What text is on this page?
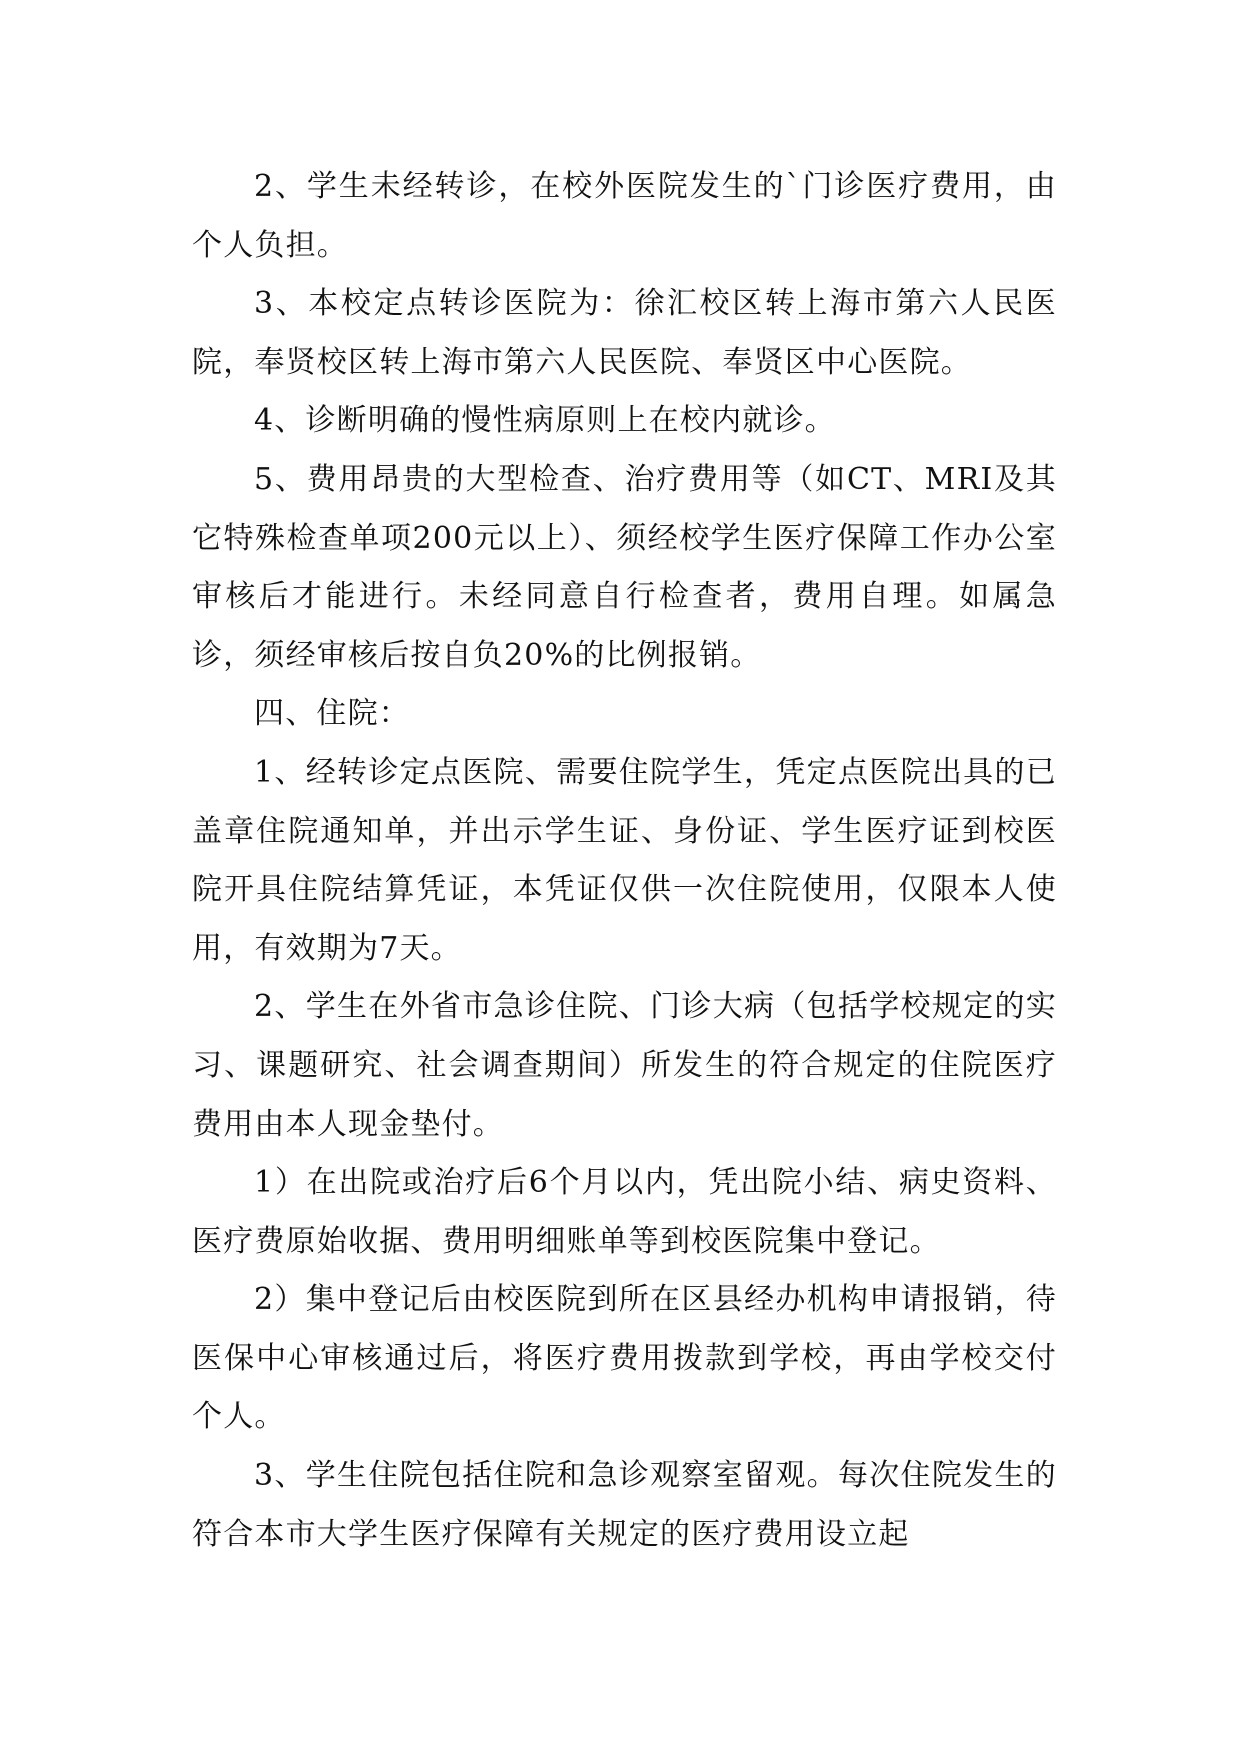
2、学生未经转诊，在校外医院发生的`门诊医疗费用，由个人负担。

3、本校定点转诊医院为：徐汇校区转上海市第六人民医院，奉贤校区转上海市第六人民医院、奉贤区中心医院。

4、诊断明确的慢性病原则上在校内就诊。

5、费用昂贵的大型检查、治疗费用等（如CT、MRI及其它特殊检查单项200元以上）、须经校学生医疗保障工作办公室审核后才能进行。未经同意自行检查者，费用自理。如属急诊，须经审核后按自负20%的比例报销。

四、住院：

1、经转诊定点医院、需要住院学生，凭定点医院出具的已盖章住院通知单，并出示学生证、身份证、学生医疗证到校医院开具住院结算凭证，本凭证仅供一次住院使用，仅限本人使用，有效期为7天。

2、学生在外省市急诊住院、门诊大病（包括学校规定的实习、课题研究、社会调查期间）所发生的符合规定的住院医疗费用由本人现金垫付。

1）在出院或治疗后6个月以内，凭出院小结、病史资料、医疗费原始收据、费用明细账单等到校医院集中登记。

2）集中登记后由校医院到所在区县经办机构申请报销，待医保中心审核通过后，将医疗费用拨款到学校，再由学校交付个人。

3、学生住院包括住院和急诊观察室留观。每次住院发生的符合本市大学生医疗保障有关规定的医疗费用设立起
